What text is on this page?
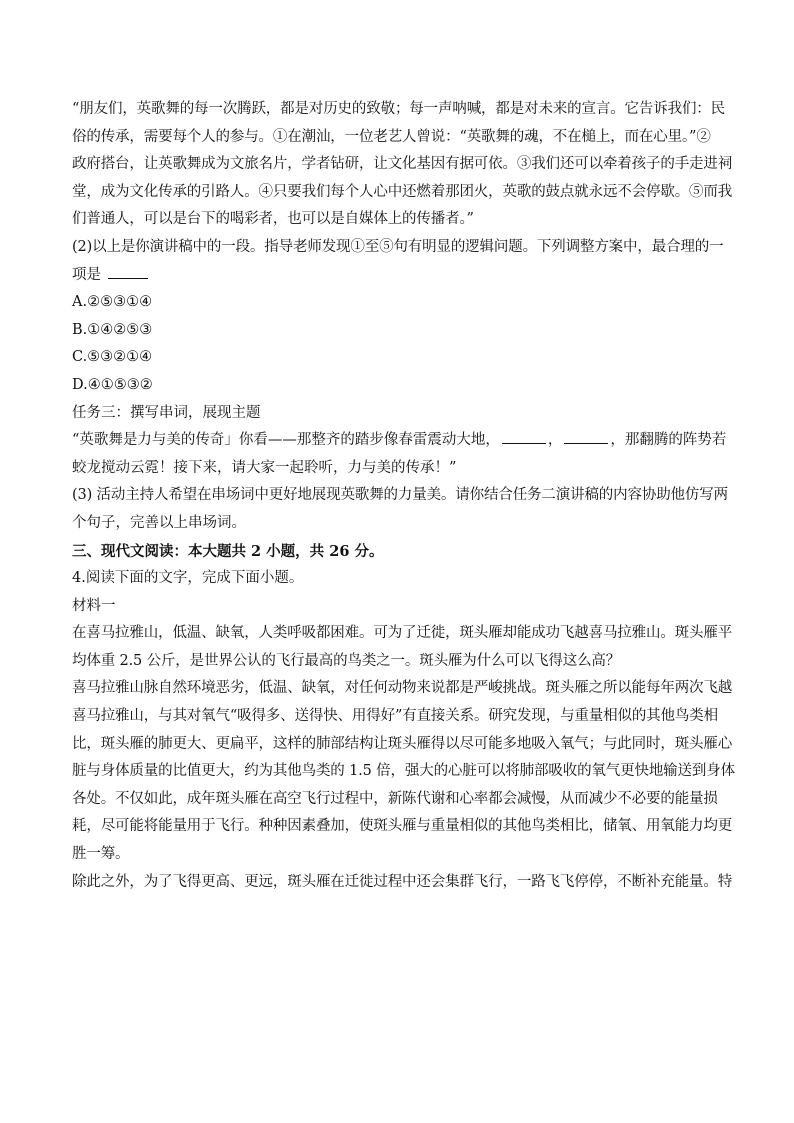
“朋友们，英歌舞的每一次腾跃，都是对历史的致敬；每一声呐喊，都是对未来的宣言。它告诉我们：民

俗的传承，需要每个人的参与。①在潮汕，一位老艺人曾说：“英歌舞的魂，不在槌上，而在心里。”②

政府搭台，让英歌舞成为文旅名片，学者钻研，让文化基因有据可依。③我们还可以牵着孩子的手走进祠

堂，成为文化传承的引路人。④只要我们每个人心中还燃着那团火，英歌的鼓点就永远不会停歇。⑤而我

们普通人，可以是台下的喝彩者，也可以是自媒体上的传播者。”

(2)以上是你演讲稿中的一段。指导老师发现①至⑤句有明显的逻辑问题。下列调整方案中，最合理的一

项是

A.②⑤③①④

B.①④②⑤③

C.⑤③②①④

D.④①⑤③②

任务三：撰写串词，展现主题

“英歌舞是力与美的传奇」你看——那整齐的踏步像春雷震动大地，	，	，那翻腾的阵势若

蛟龙搅动云霓！接下来，请大家一起聆听，力与美的传承！”

(3) 活动主持人希望在串场词中更好地展现英歌舞的力量美。请你结合任务二演讲稿的内容协助他仿写两

个句子，完善以上串场词。

三、现代文阅读：本大题共 2 小题，共 26 分。

4.阅读下面的文字，完成下面小题。

材料一

在喜马拉雅山，低温、缺氧，人类呼吸都困难。可为了迁徙，斑头雁却能成功飞越喜马拉雅山。斑头雁平

均体重 2.5 公斤，是世界公认的飞行最高的鸟类之一。斑头雁为什么可以飞得这么高？

喜马拉雅山脉自然环境恶劣，低温、缺氧，对任何动物来说都是严峻挑战。斑头雁之所以能每年两次飞越

喜马拉雅山，与其对氧气“吸得多、送得快、用得好”有直接关系。研究发现，与重量相似的其他鸟类相

比，斑头雁的肺更大、更扁平，这样的肺部结构让斑头雁得以尽可能多地吸入氧气；与此同时，斑头雁心

脏与身体质量的比值更大，约为其他鸟类的 1.5 倍，强大的心脏可以将肺部吸收的氧气更快地输送到身体

各处。不仅如此，成年斑头雁在高空飞行过程中，新陈代谢和心率都会减慢，从而减少不必要的能量损

耗，尽可能将能量用于飞行。种种因素叠加，使斑头雁与重量相似的其他鸟类相比，储氧、用氧能力均更

胜一筹。

除此之外，为了飞得更高、更远，斑头雁在迁徙过程中还会集群飞行，一路飞飞停停，不断补充能量。特
